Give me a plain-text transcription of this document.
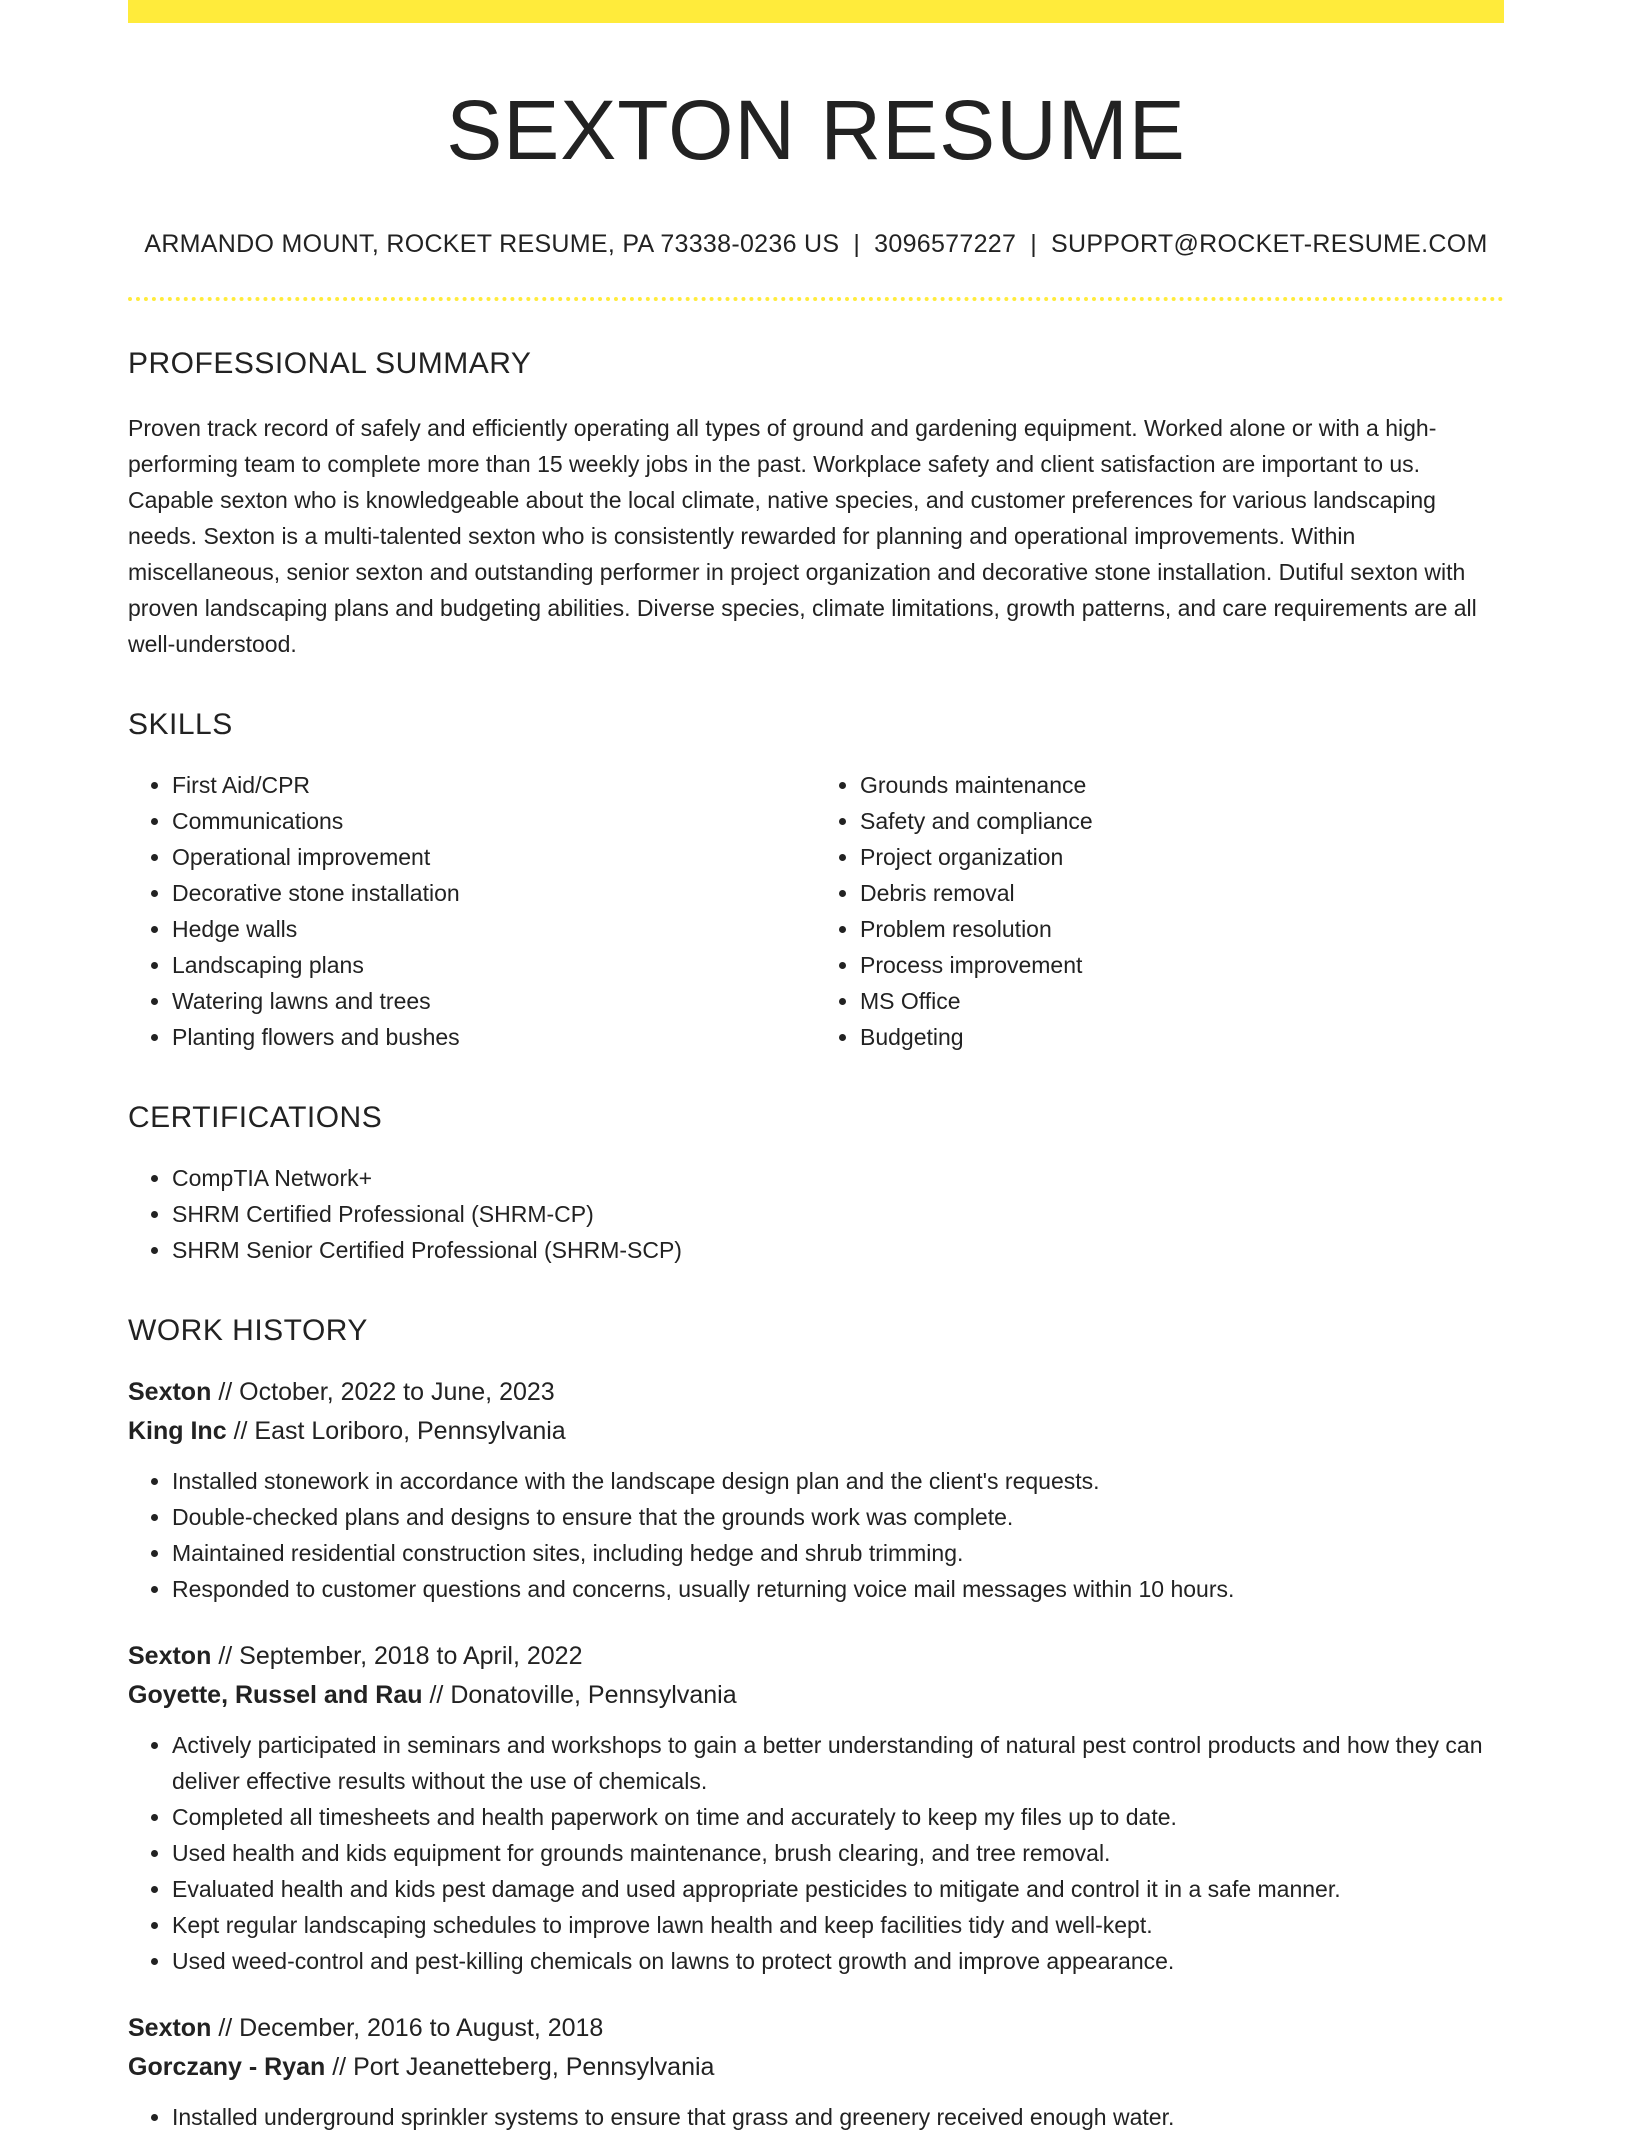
SEXTON RESUME
ARMANDO MOUNT, ROCKET RESUME, PA 73338-0236 US | 3096577227 | SUPPORT@ROCKET-RESUME.COM
PROFESSIONAL SUMMARY

Proven track record of safely and efficiently operating all types of ground and gardening equipment. Worked alone or with a high-performing team to complete more than 15 weekly jobs in the past. Workplace safety and client satisfaction are important to us. Capable sexton who is knowledgeable about the local climate, native species, and customer preferences for various landscaping needs. Sexton is a multi-talented sexton who is consistently rewarded for planning and operational improvements. Within miscellaneous, senior sexton and outstanding performer in project organization and decorative stone installation. Dutiful sexton with proven landscaping plans and budgeting abilities. Diverse species, climate limitations, growth patterns, and care requirements are all well-understood.

SKILLS
• First Aid/CPR
• Communications
• Operational improvement
• Decorative stone installation
• Hedge walls
• Landscaping plans
• Watering lawns and trees
• Planting flowers and bushes
• Grounds maintenance
• Safety and compliance
• Project organization
• Debris removal
• Problem resolution
• Process improvement
• MS Office
• Budgeting
CERTIFICATIONS
• CompTIA Network+
• SHRM Certified Professional (SHRM-CP)
• SHRM Senior Certified Professional (SHRM-SCP)
WORK HISTORY
Sexton // October, 2022 to June, 2023
King Inc // East Loriboro, Pennsylvania
• Installed stonework in accordance with the landscape design plan and the client's requests.
• Double-checked plans and designs to ensure that the grounds work was complete.
• Maintained residential construction sites, including hedge and shrub trimming.
• Responded to customer questions and concerns, usually returning voice mail messages within 10 hours.
Sexton // September, 2018 to April, 2022
Goyette, Russel and Rau // Donatoville, Pennsylvania
• Actively participated in seminars and workshops to gain a better understanding of natural pest control products and how they can deliver effective results without the use of chemicals.
• Completed all timesheets and health paperwork on time and accurately to keep my files up to date.
• Used health and kids equipment for grounds maintenance, brush clearing, and tree removal.
• Evaluated health and kids pest damage and used appropriate pesticides to mitigate and control it in a safe manner.
• Kept regular landscaping schedules to improve lawn health and keep facilities tidy and well-kept.
• Used weed-control and pest-killing chemicals on lawns to protect growth and improve appearance.
Sexton // December, 2016 to August, 2018
Gorczany - Ryan // Port Jeanetteberg, Pennsylvania
• Installed underground sprinkler systems to ensure that grass and greenery received enough water.
